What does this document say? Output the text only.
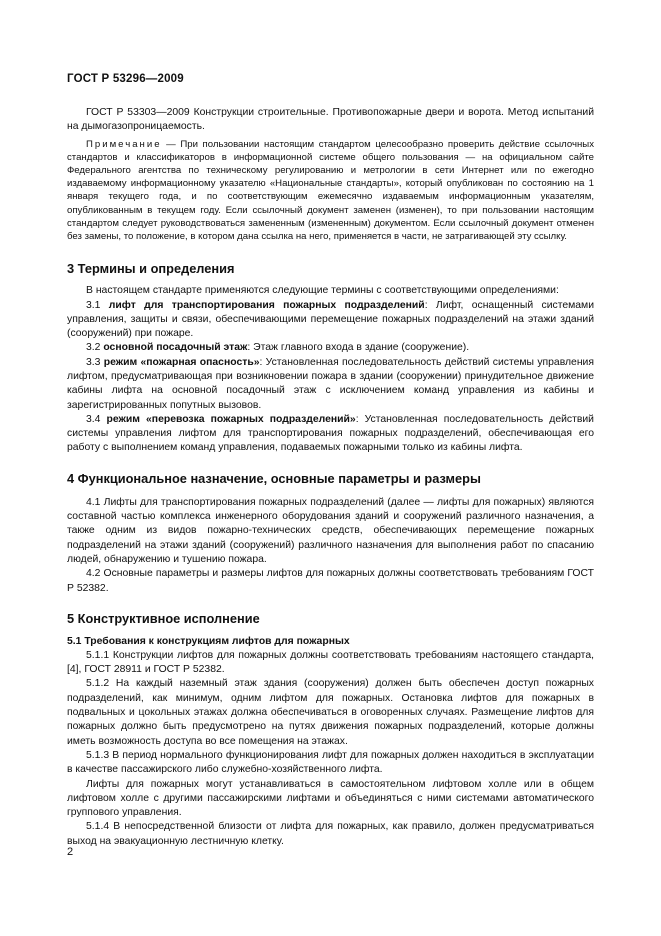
ГОСТ Р 53296—2009

ГОСТ Р 53303—2009 Конструкции строительные. Противопожарные двери и ворота. Метод испытаний на дымогазопроницаемость.

Примечание — При пользовании настоящим стандартом целесообразно проверить действие ссылочных стандартов и классификаторов в информационной системе общего пользования — на официальном сайте Федерального агентства по техническому регулированию и метрологии в сети Интернет или по ежегодно издаваемому информационному указателю «Национальные стандарты», который опубликован по состоянию на 1 января текущего года, и по соответствующим ежемесячно издаваемым информационным указателям, опубликованным в текущем году. Если ссылочный документ заменен (изменен), то при пользовании настоящим стандартом следует руководствоваться замененным (измененным) документом. Если ссылочный документ отменен без замены, то положение, в котором дана ссылка на него, применяется в части, не затрагивающей эту ссылку.

3 Термины и определения

В настоящем стандарте применяются следующие термины с соответствующими определениями:

3.1 лифт для транспортирования пожарных подразделений: Лифт, оснащенный системами управления, защиты и связи, обеспечивающими перемещение пожарных подразделений на этажи зданий (сооружений) при пожаре.

3.2 основной посадочный этаж: Этаж главного входа в здание (сооружение).

3.3 режим «пожарная опасность»: Установленная последовательность действий системы управления лифтом, предусматривающая при возникновении пожара в здании (сооружении) принудительное движение кабины лифта на основной посадочный этаж с исключением команд управления из кабины и зарегистрированных попутных вызовов.

3.4 режим «перевозка пожарных подразделений»: Установленная последовательность действий системы управления лифтом для транспортирования пожарных подразделений, обеспечивающая его работу с выполнением команд управления, подаваемых пожарными только из кабины лифта.

4 Функциональное назначение, основные параметры и размеры

4.1 Лифты для транспортирования пожарных подразделений (далее — лифты для пожарных) являются составной частью комплекса инженерного оборудования зданий и сооружений различного назначения, а также одним из видов пожарно-технических средств, обеспечивающих перемещение пожарных подразделений на этажи зданий (сооружений) различного назначения для выполнения работ по спасанию людей, обнаружению и тушению пожара.

4.2 Основные параметры и размеры лифтов для пожарных должны соответствовать требованиям ГОСТ Р 52382.

5 Конструктивное исполнение
5.1 Требования к конструкциям лифтов для пожарных

5.1.1 Конструкции лифтов для пожарных должны соответствовать требованиям настоящего стандарта, [4], ГОСТ 28911 и ГОСТ Р 52382.

5.1.2 На каждый наземный этаж здания (сооружения) должен быть обеспечен доступ пожарных подразделений, как минимум, одним лифтом для пожарных. Остановка лифтов для пожарных в подвальных и цокольных этажах должна обеспечиваться в оговоренных случаях. Размещение лифтов для пожарных должно быть предусмотрено на путях движения пожарных подразделений, которые должны иметь возможность доступа во все помещения на этажах.

5.1.3 В период нормального функционирования лифт для пожарных должен находиться в эксплуатации в качестве пассажирского либо служебно-хозяйственного лифта.

Лифты для пожарных могут устанавливаться в самостоятельном лифтовом холле или в общем лифтовом холле с другими пассажирскими лифтами и объединяться с ними системами автоматического группового управления.

5.1.4 В непосредственной близости от лифта для пожарных, как правило, должен предусматриваться выход на эвакуационную лестничную клетку.

2
